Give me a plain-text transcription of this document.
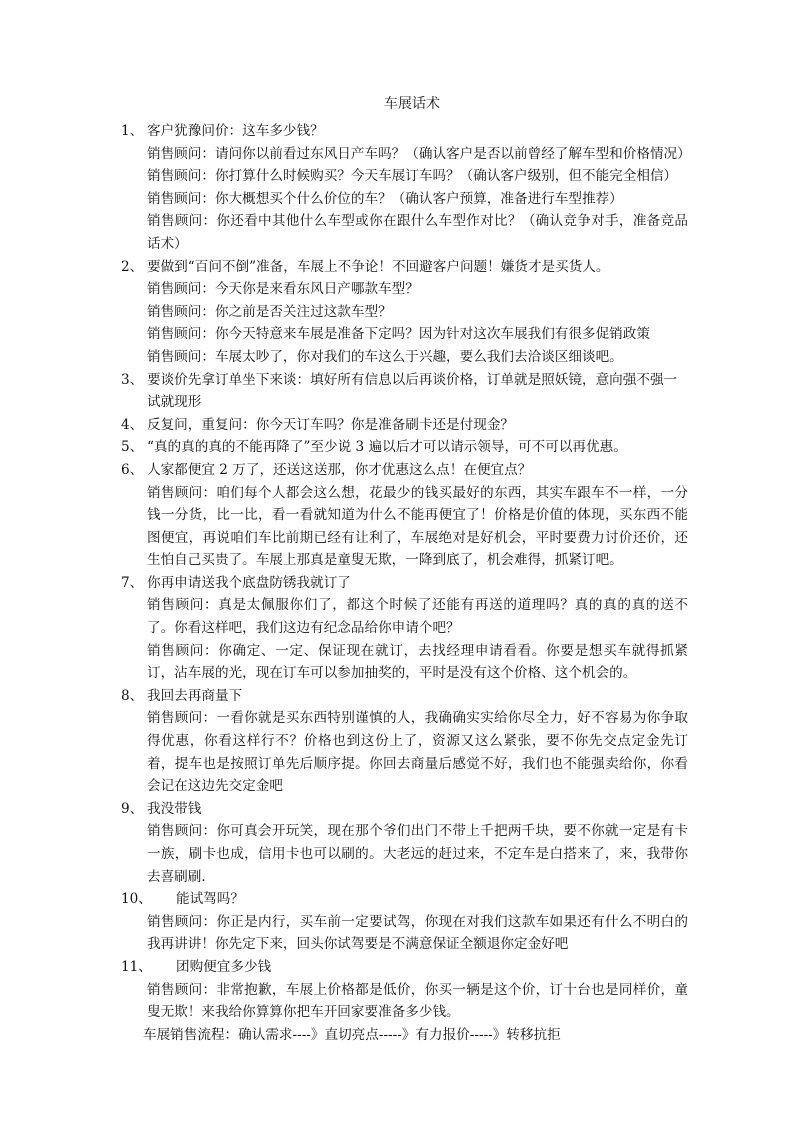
车展话术
1、 客户犹豫问价：这车多少钱？
销售顾问：请问你以前看过东风日产车吗？（确认客户是否以前曾经了解车型和价格情况）
销售顾问：你打算什么时候购买？今天车展订车吗？（确认客户级别，但不能完全相信）
销售顾问：你大概想买个什么价位的车？（确认客户预算，准备进行车型推荐）
销售顾问：你还看中其他什么车型或你在跟什么车型作对比？（确认竞争对手，准备竞品话术）
2、 要做到“百问不倒”准备，车展上不争论！不回避客户问题！嫌货才是买货人。
销售顾问：今天你是来看东风日产哪款车型？
销售顾问：你之前是否关注过这款车型？
销售顾问：你今天特意来车展是准备下定吗？因为针对这次车展我们有很多促销政策
销售顾问：车展太吵了，你对我们的车这么于兴趣，要么我们去洽谈区细谈吧。
3、 要谈价先拿订单坐下来谈：填好所有信息以后再谈价格，订单就是照妖镜，意向强不强一试就现形
4、 反复问，重复问：你今天订车吗？你是准备刷卡还是付现金？
5、 “真的真的真的不能再降了”至少说 3 遍以后才可以请示领导，可不可以再优惠。
6、 人家都便宜 2 万了，还送这送那，你才优惠这么点！在便宜点？
销售顾问：咱们每个人都会这么想，花最少的钱买最好的东西，其实车跟车不一样，一分钱一分货，比一比，看一看就知道为什么不能再便宜了！价格是价值的体现，买东西不能图便宜，再说咱们车比前期已经有让利了，车展绝对是好机会，平时要费力讨价还价，还生怕自己买贵了。车展上那真是童叟无欺，一降到底了，机会难得，抓紧订吧。
7、 你再申请送我个底盘防锈我就订了
销售顾问：真是太佩服你们了，都这个时候了还能有再送的道理吗？真的真的真的送不了。你看这样吧，我们这边有纪念品给你申请个吧？
销售顾问：你确定、一定、保证现在就订，去找经理申请看看。你要是想买车就得抓紧订，沾车展的光，现在订车可以参加抽奖的，平时是没有这个价格、这个机会的。
8、 我回去再商量下
销售顾问：一看你就是买东西特别谨慎的人，我确确实实给你尽全力，好不容易为你争取得优惠，你看这样行不？价格也到这份上了，资源又这么紧张，要不你先交点定金先订着，提车也是按照订单先后顺序提。你回去商量后感觉不好，我们也不能强卖给你，你看会记在这边先交定金吧
9、 我没带钱
销售顾问：你可真会开玩笑，现在那个爷们出门不带上千把两千块，要不你就一定是有卡一族，刷卡也成，信用卡也可以刷的。大老远的赶过来，不定车是白搭来了，来，我带你去喜刷刷.
10、 能试驾吗？
销售顾问：你正是内行，买车前一定要试驾，你现在对我们这款车如果还有什么不明白的我再讲讲！你先定下来，回头你试驾要是不满意保证全额退你定金好吧
11、 团购便宜多少钱
销售顾问：非常抱歉，车展上价格都是低价，你买一辆是这个价，订十台也是同样价，童叟无欺！来我给你算算你把车开回家要准备多少钱。
车展销售流程：确认需求----》直切亮点-----》有力报价-----》转移抗拒
